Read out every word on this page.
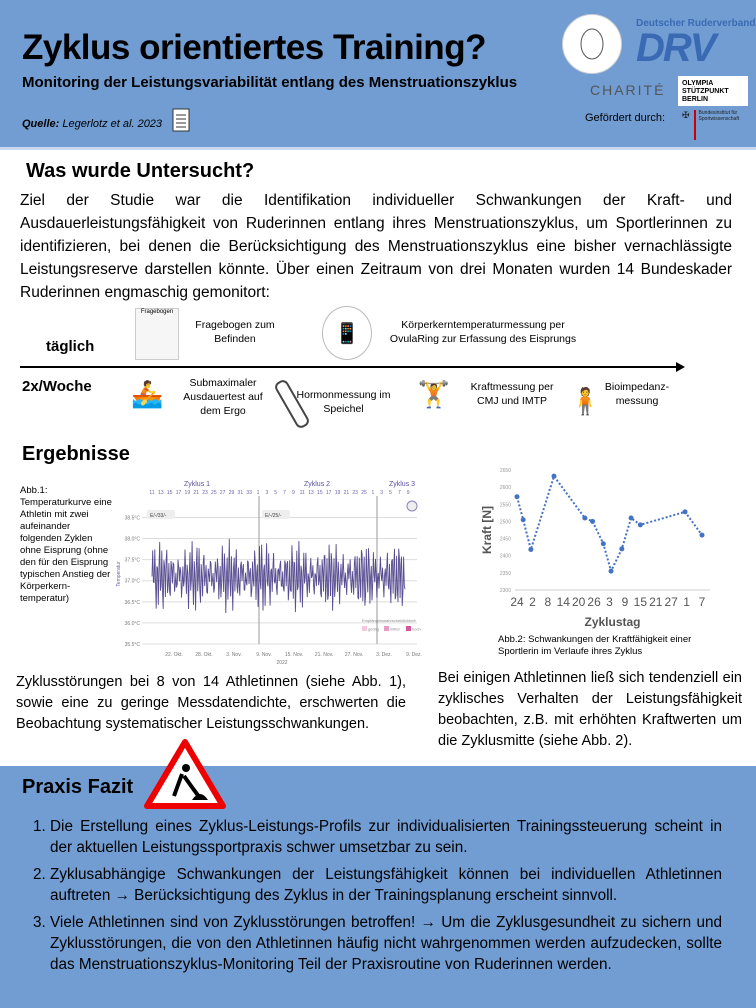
Zyklus orientiertes Training?
Monitoring der Leistungsvariabilität entlang des Menstruationszyklus
Quelle: Legerlotz et al. 2023
Deutscher Ruderverband
DRV
CHARITÉ	OLYMPIA STÜTZPUNKT BERLIN
Gefördert durch: ✠	Bundesinstitut für Sportwissenschaft
Was wurde Untersucht?

Ziel der Studie war die Identifikation individueller Schwankungen der Kraft- und Ausdauerleistungsfähigkeit von Ruderinnen entlang ihres Menstruationszyklus, um Sportlerinnen zu identifizieren, bei denen die Berücksichtigung des Menstruationszyklus eine bisher vernachlässigte Leistungsreserve darstellen könnte. Über einen Zeitraum von drei Monaten wurden 14 Bundeskader Ruderinnen engmaschig gemonitort:

täglich
2x/Woche
Fragebogen
Fragebogen zum Befinden	📱	Körperkerntemperaturmessung per OvulaRing zur Erfassung des Eisprungs
🚣	Submaximaler Ausdauertest auf dem Ergo
Hormonmessung im Speichel	🏋	Kraftmessung per CMJ und IMTP 🧍 Bioimpedanz-messung
Ergebnisse
Abb.1: Temperaturkurve eine Athletin mit zwei aufeinander folgenden Zyklen ohne Eisprung (ohne den für den Eisprung typischen Anstieg der Körperkern-temperatur)
38.5°C
38.0°C
37.5°C
37.0°C
36.5°C
36.0°C
35.5°C
Temperatur
11 13 15 17 19 21 23 25 27 29 31 33 1 3 5 7 9 11 13 15 17 19 21 23 25 1 3 5 7 9
Zyklus 1	Zyklus 2	Zyklus 3
E/-/33/-	E/-/25/-
22. Okt. 28. Okt.	3. Nov.	9. Nov.	15. Nov. 21. Nov. 27. Nov.	3. Dez.	9. Dez.
2022
Empfängniswahrscheinlichkeit
gering	mittel	hoch
2300
2350
2400
2450
2500
2550
2600
2650
24 2 8 14 20 26 3 9 15 21 27 1 7
Zyklustag
Kraft [N]
Abb.2: Schwankungen der Kraftfähigkeit einer Sportlerin im Verlaufe ihres Zyklus

Zyklusstörungen bei 8 von 14 Athletinnen (siehe Abb. 1), sowie eine zu geringe Messdatendichte, erschwerten die Beobachtung systematischer Leistungsschwankungen.

Bei einigen Athletinnen ließ sich tendenziell ein zyklisches Verhalten der Leistungsfähigkeit beobachten, z.B. mit erhöhten Kraftwerten um die Zyklusmitte (siehe Abb. 2).

Praxis Fazit
1. Die Erstellung eines Zyklus-Leistungs-Profils zur individualisierten Trainingssteuerung scheint in der aktuellen Leistungssportpraxis schwer umsetzbar zu sein.
2. Zyklusabhängige Schwankungen der Leistungsfähigkeit können bei individuellen Athletinnen auftreten → Berücksichtigung des Zyklus in der Trainingsplanung erscheint sinnvoll.
3. Viele Athletinnen sind von Zyklusstörungen betroffen! → Um die Zyklusgesundheit zu sichern und Zyklusstörungen, die von den Athletinnen häufig nicht wahrgenommen werden aufzudecken, sollte das Menstruationszyklus-Monitoring Teil der Praxisroutine von Ruderinnen werden.
